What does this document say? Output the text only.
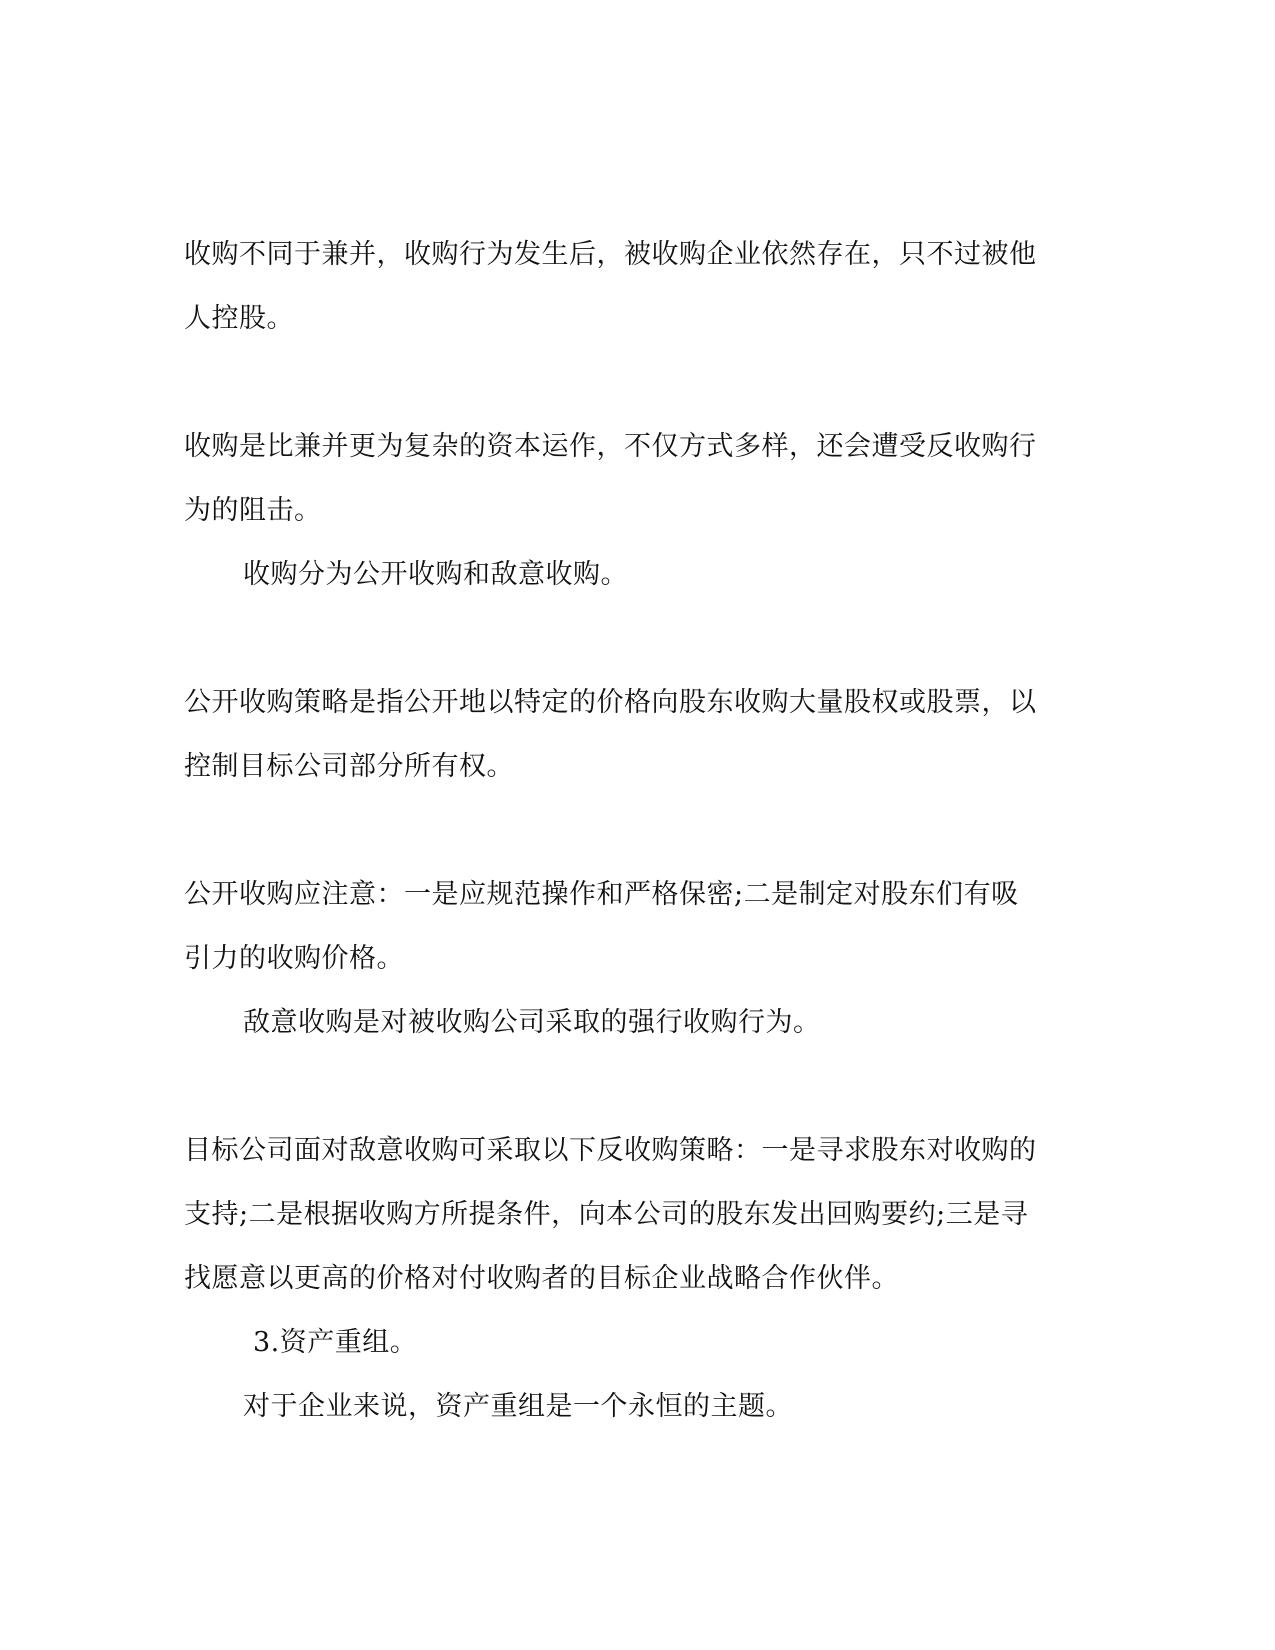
收购不同于兼并，收购行为发生后，被收购企业依然存在，只不过被他
人控股。
收购是比兼并更为复杂的资本运作，不仅方式多样，还会遭受反收购行
为的阻击。
收购分为公开收购和敌意收购。
公开收购策略是指公开地以特定的价格向股东收购大量股权或股票，以
控制目标公司部分所有权。
公开收购应注意：一是应规范操作和严格保密;二是制定对股东们有吸
引力的收购价格。
敌意收购是对被收购公司采取的强行收购行为。
目标公司面对敌意收购可采取以下反收购策略：一是寻求股东对收购的
支持;二是根据收购方所提条件，向本公司的股东发出回购要约;三是寻
找愿意以更高的价格对付收购者的目标企业战略合作伙伴。
3.资产重组。
对于企业来说，资产重组是一个永恒的主题。
